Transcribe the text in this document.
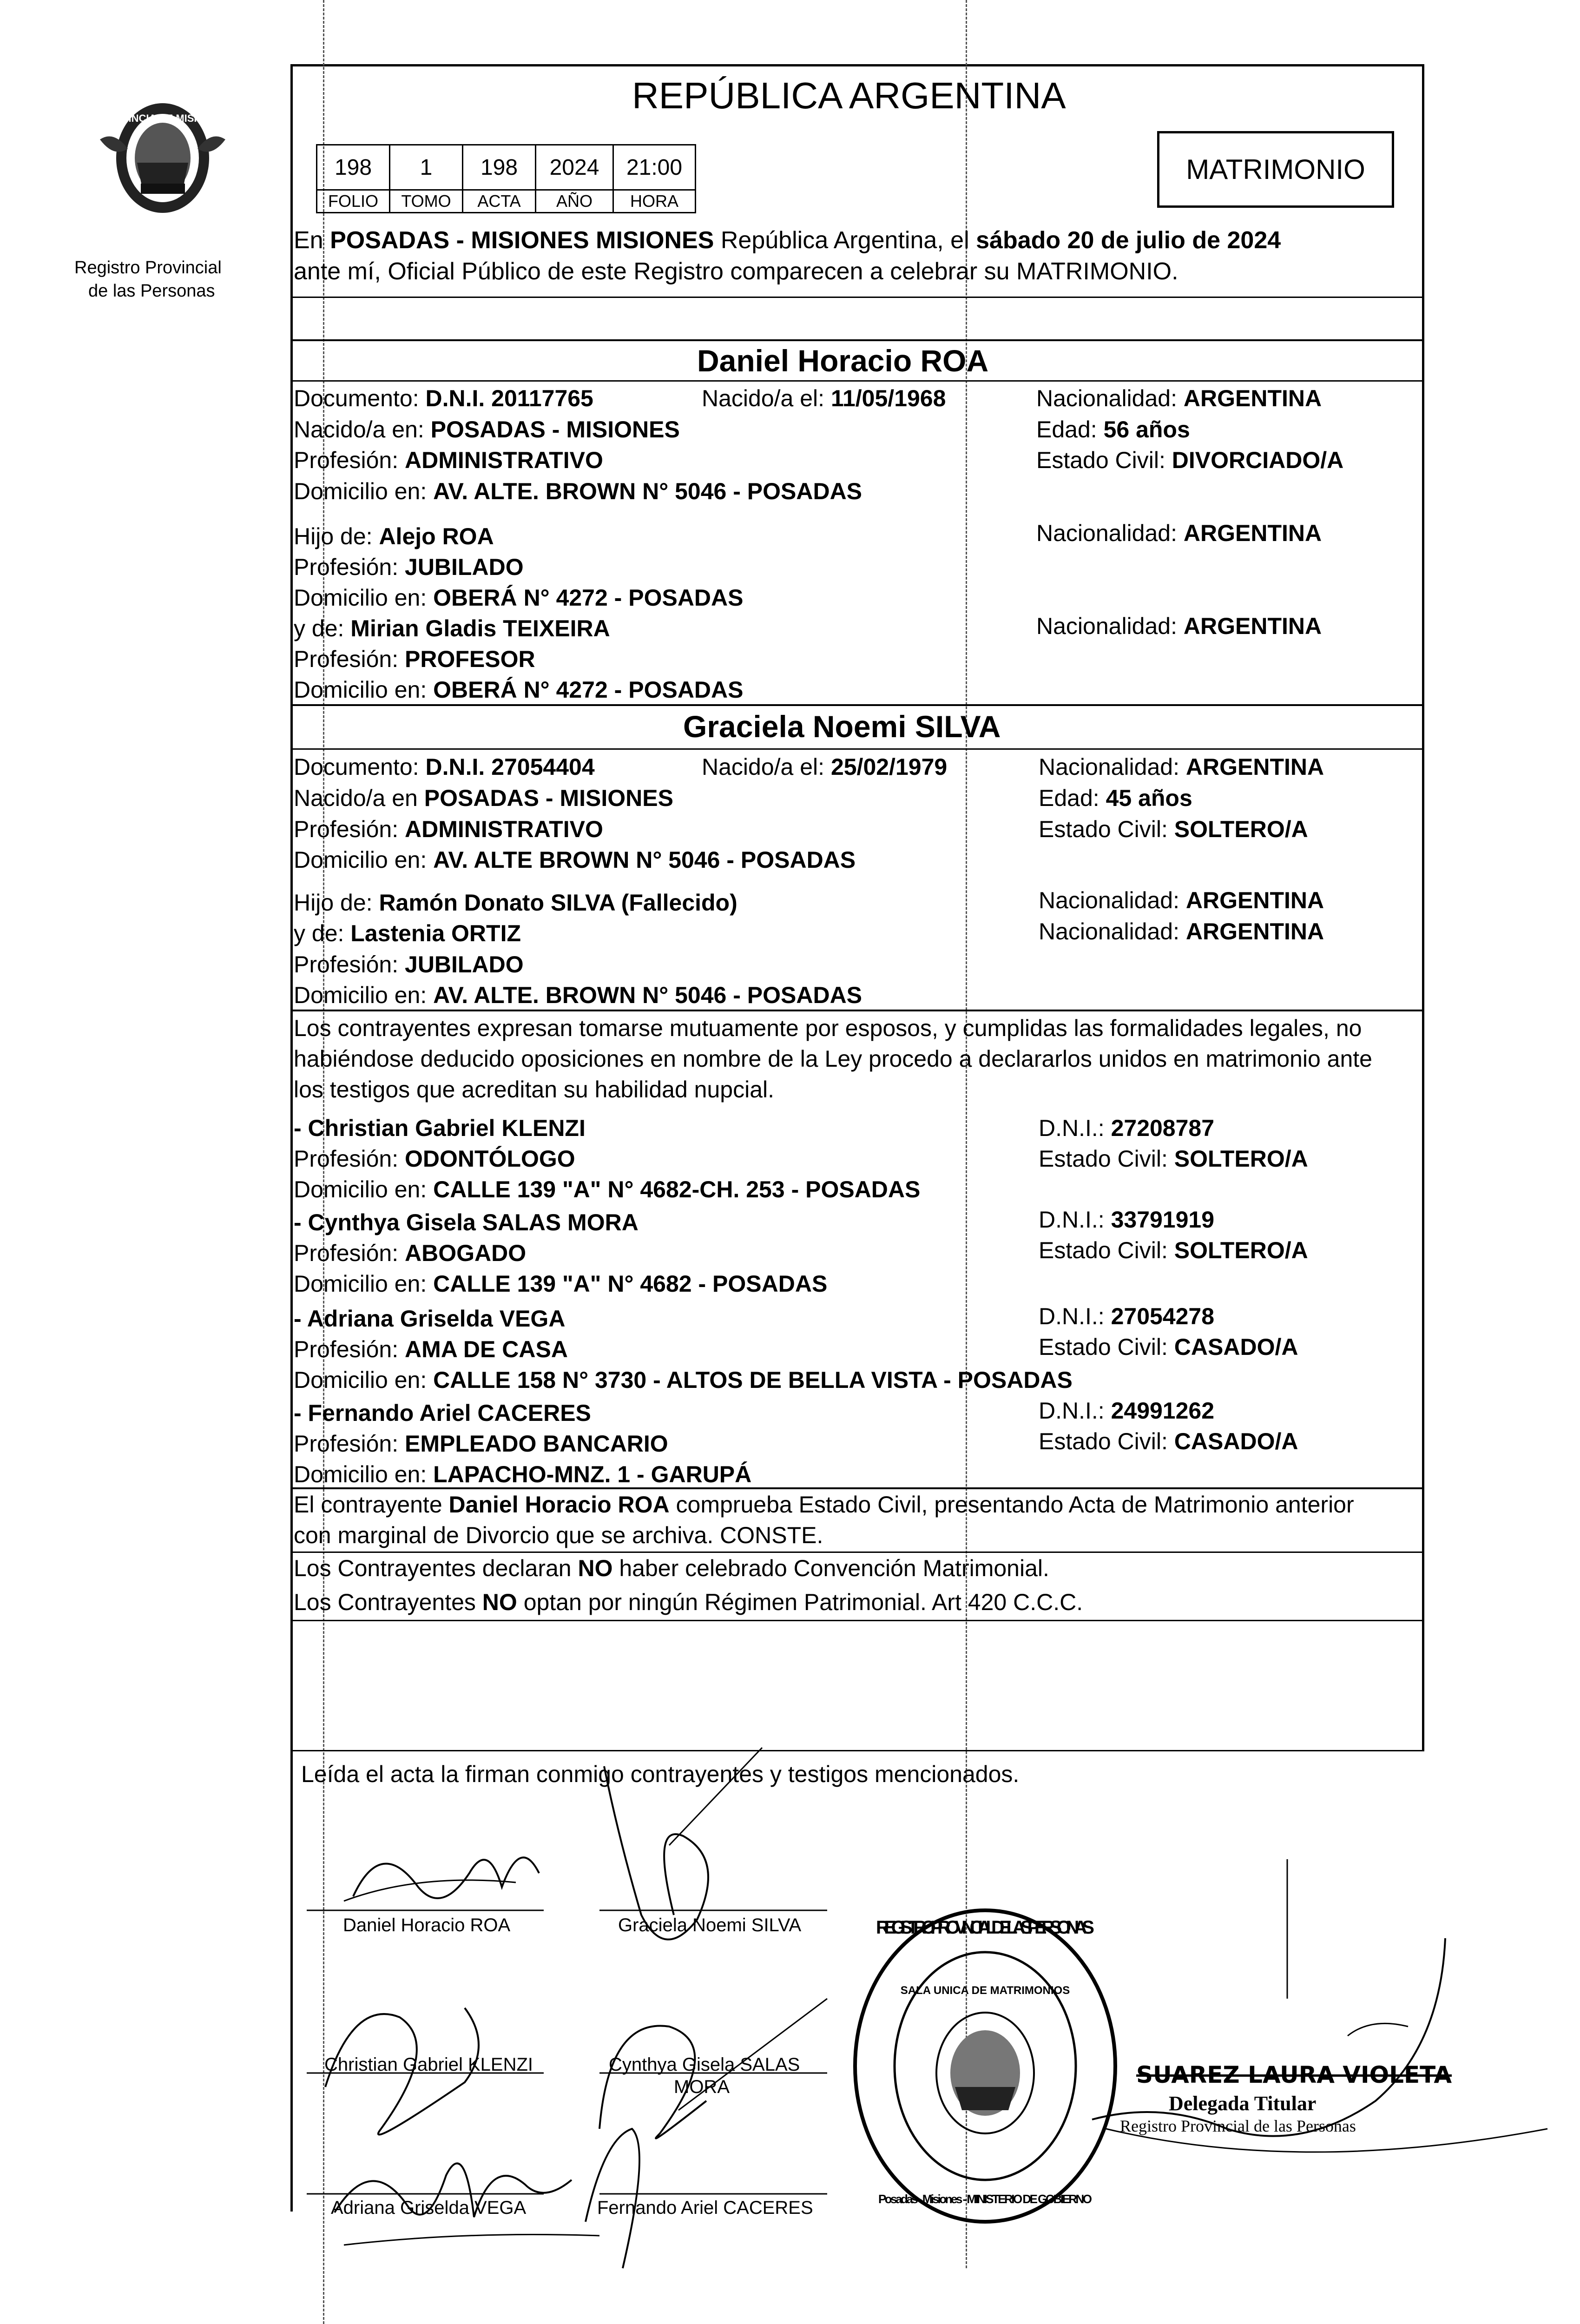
PROVINCIA DE MISIONES
Registro Provincial
de las Personas
REPÚBLICA ARGENTINA
198	1	198	2024	21:00
FOLIO	TOMO	ACTA	AÑO	HORA
MATRIMONIO
En POSADAS - MISIONES MISIONES República Argentina, el sábado 20 de julio de 2024
ante mí, Oficial Público de este Registro comparecen a celebrar su MATRIMONIO.
Daniel Horacio ROA
Documento: D.N.I. 20117765	Nacido/a el: 11/05/1968	Nacionalidad: ARGENTINA
Nacido/a en: POSADAS - MISIONES	Edad: 56 años
Profesión: ADMINISTRATIVO	Estado Civil: DIVORCIADO/A
Domicilio en: AV. ALTE. BROWN N° 5046 - POSADAS
Hijo de: Alejo ROA	Nacionalidad: ARGENTINA
Profesión: JUBILADO
Domicilio en: OBERÁ N° 4272 - POSADAS
y de: Mirian Gladis TEIXEIRA	Nacionalidad: ARGENTINA
Profesión: PROFESOR
Domicilio en: OBERÁ N° 4272 - POSADAS
Graciela Noemi SILVA
Documento: D.N.I. 27054404	Nacido/a el: 25/02/1979	Nacionalidad: ARGENTINA
Nacido/a en POSADAS - MISIONES	Edad: 45 años
Profesión: ADMINISTRATIVO	Estado Civil: SOLTERO/A
Domicilio en: AV. ALTE BROWN N° 5046 - POSADAS
Hijo de: Ramón Donato SILVA (Fallecido)	Nacionalidad: ARGENTINA
y de: Lastenia ORTIZ	Nacionalidad: ARGENTINA
Profesión: JUBILADO
Domicilio en: AV. ALTE. BROWN N° 5046 - POSADAS
Los contrayentes expresan tomarse mutuamente por esposos, y cumplidas las formalidades legales, no
habiéndose deducido oposiciones en nombre de la Ley procedo a declararlos unidos en matrimonio ante
los testigos que acreditan su habilidad nupcial.
- Christian Gabriel KLENZI	D.N.I.: 27208787
Profesión: ODONTÓLOGO	Estado Civil: SOLTERO/A
Domicilio en: CALLE 139 "A" N° 4682-CH. 253 - POSADAS
- Cynthya Gisela SALAS MORA	D.N.I.: 33791919
Profesión: ABOGADO	Estado Civil: SOLTERO/A
Domicilio en: CALLE 139 "A" N° 4682 - POSADAS
- Adriana Griselda VEGA	D.N.I.: 27054278
Profesión: AMA DE CASA	Estado Civil: CASADO/A
Domicilio en: CALLE 158 N° 3730 - ALTOS DE BELLA VISTA - POSADAS
- Fernando Ariel CACERES	D.N.I.: 24991262
Profesión: EMPLEADO BANCARIO	Estado Civil: CASADO/A
Domicilio en: LAPACHO-MNZ. 1 - GARUPÁ
El contrayente Daniel Horacio ROA comprueba Estado Civil, presentando Acta de Matrimonio anterior
con marginal de Divorcio que se archiva. CONSTE.
Los Contrayentes declaran NO haber celebrado Convención Matrimonial.
Los Contrayentes NO optan por ningún Régimen Patrimonial. Art 420 C.C.C.
Leída el acta la firman conmigo contrayentes y testigos mencionados.
Daniel Horacio ROA	Graciela Noemi SILVA
Christian Gabriel KLENZI	Cynthya Gisela SALAS
MORA
Adriana Griselda VEGA	Fernando Ariel CACERES
REGISTRO PROVINCIAL DE LAS PERSONAS
SALA UNICA DE MATRIMONIOS
Posadas - Misiones - MINISTERIO DE GOBIERNO
SUAREZ LAURA VIOLETA
Delegada Titular
Registro Provincial de las Personas
